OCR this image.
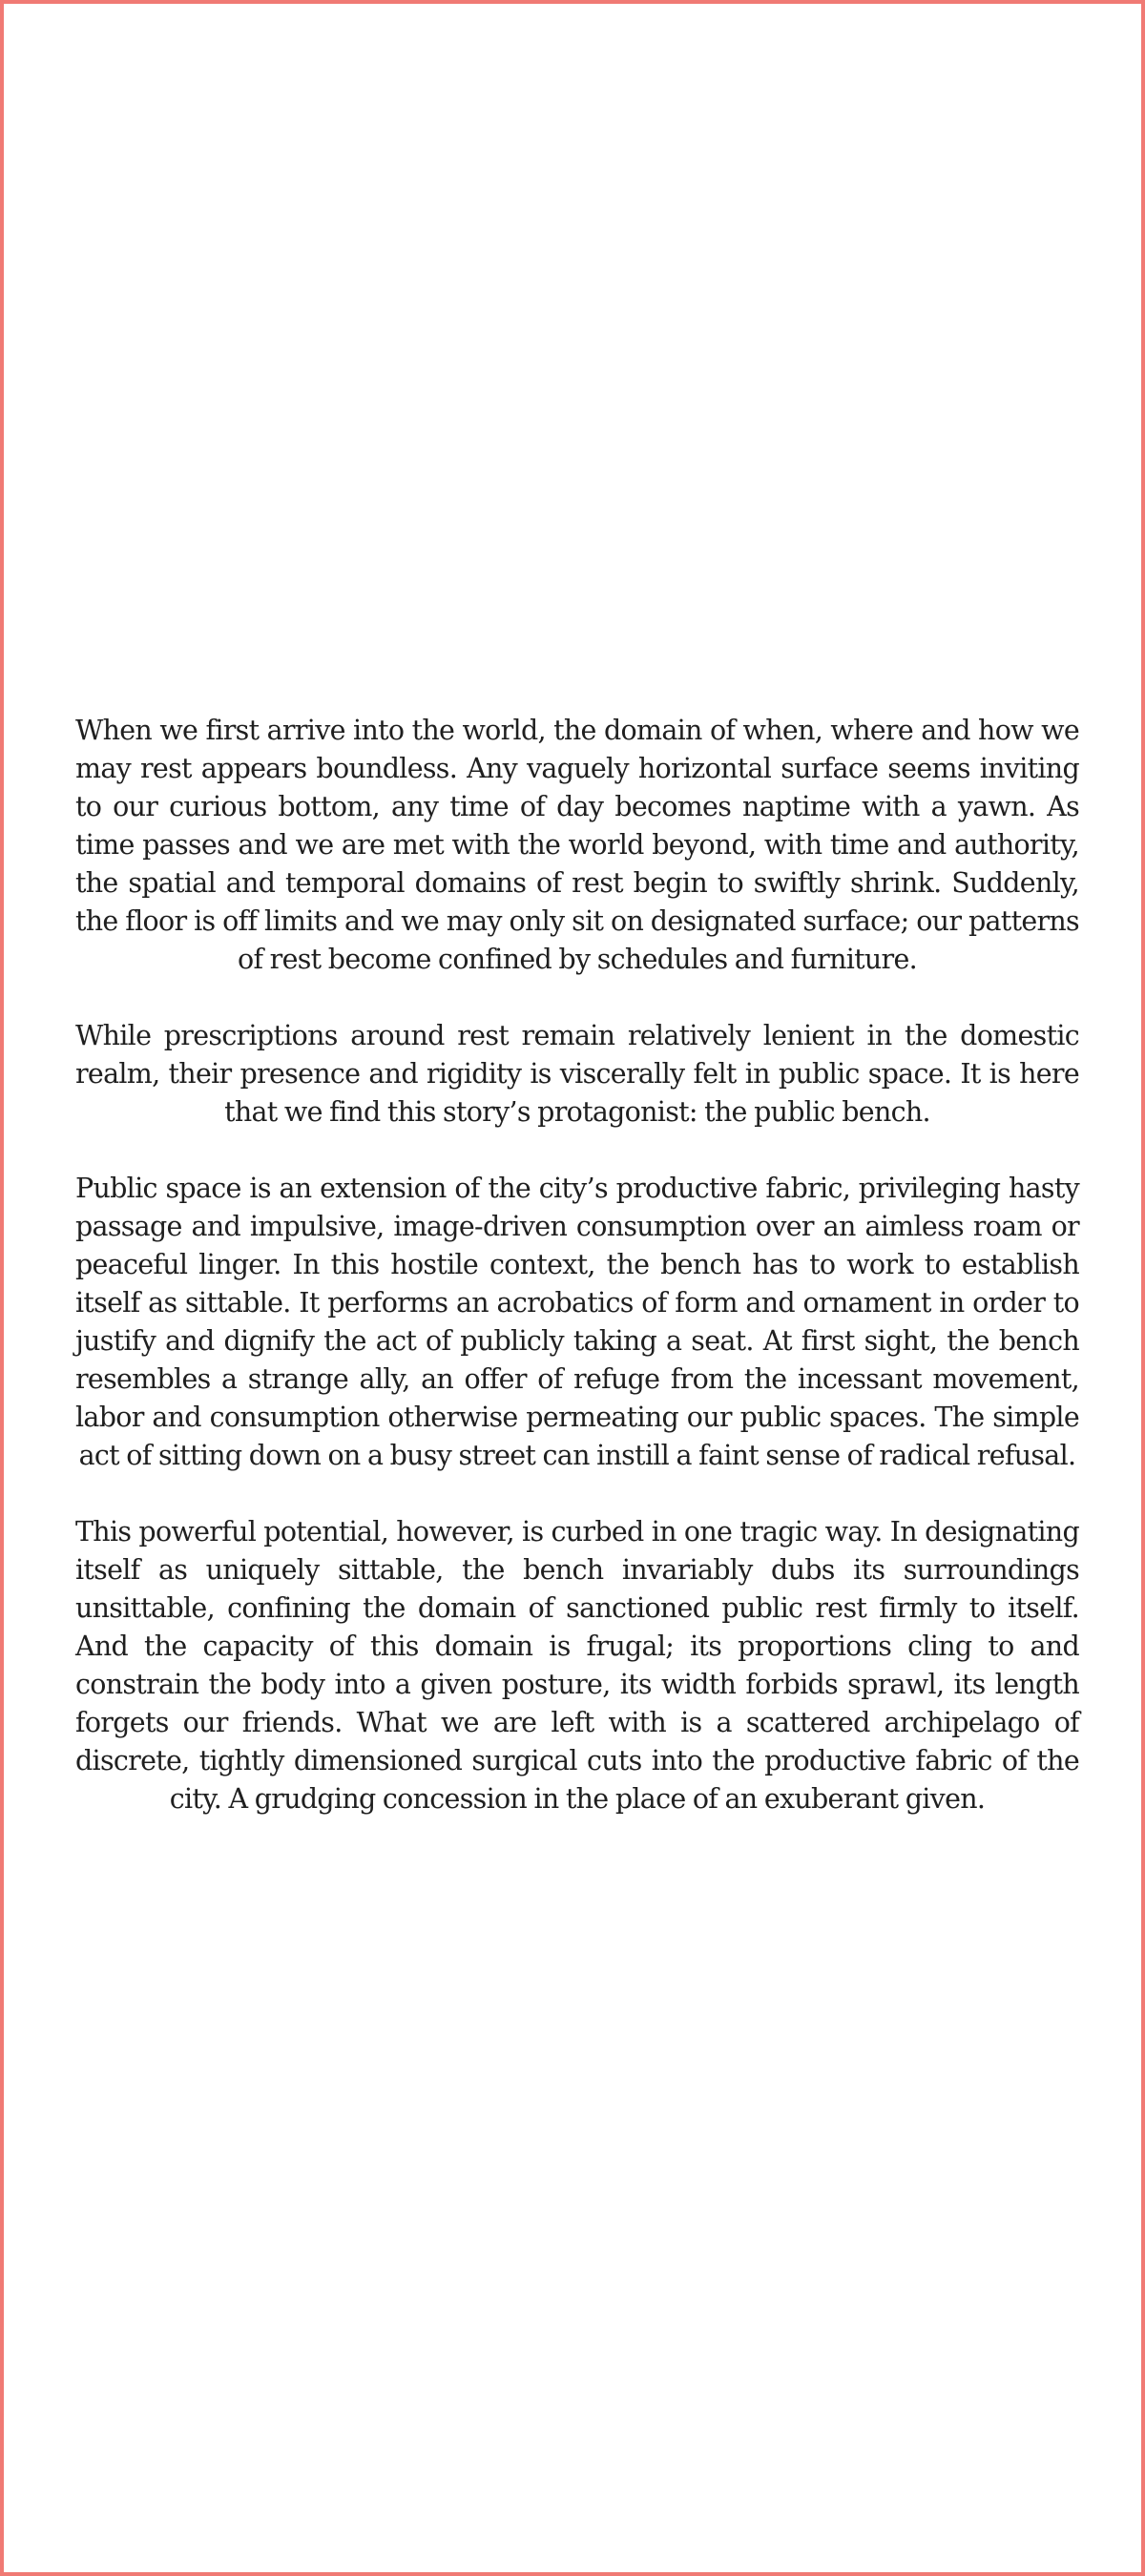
When we first arrive into the world, the domain of when, where and how we may rest appears boundless. Any vaguely horizontal surface seems inviting to our curious bottom, any time of day becomes naptime with a yawn. As time passes and we are met with the world beyond, with time and authority, the spatial and temporal domains of rest begin to swiftly shrink. Suddenly, the floor is off limits and we may only sit on designated surface; our patterns of rest become confined by schedules and furniture.

While prescriptions around rest remain relatively lenient in the domestic realm, their presence and rigidity is viscerally felt in public space. It is here that we find this story’s protagonist: the public bench.

Public space is an extension of the city’s productive fabric, privileging hasty passage and impulsive, image-driven consumption over an aimless roam or peaceful linger. In this hostile context, the bench has to work to establish itself as sittable. It performs an acrobatics of form and ornament in order to justify and dignify the act of publicly taking a seat. At first sight, the bench resembles a strange ally, an offer of refuge from the incessant movement, labor and consumption otherwise permeating our public spaces. The simple act of sitting down on a busy street can instill a faint sense of radical refusal.

This powerful potential, however, is curbed in one tragic way. In designating itself as uniquely sittable, the bench invariably dubs its surroundings unsittable, confining the domain of sanctioned public rest firmly to itself. And the capacity of this domain is frugal; its proportions cling to and constrain the body into a given posture, its width forbids sprawl, its length forgets our friends. What we are left with is a scattered archipelago of discrete, tightly dimensioned surgical cuts into the productive fabric of the city. A grudging concession in the place of an exuberant given.
